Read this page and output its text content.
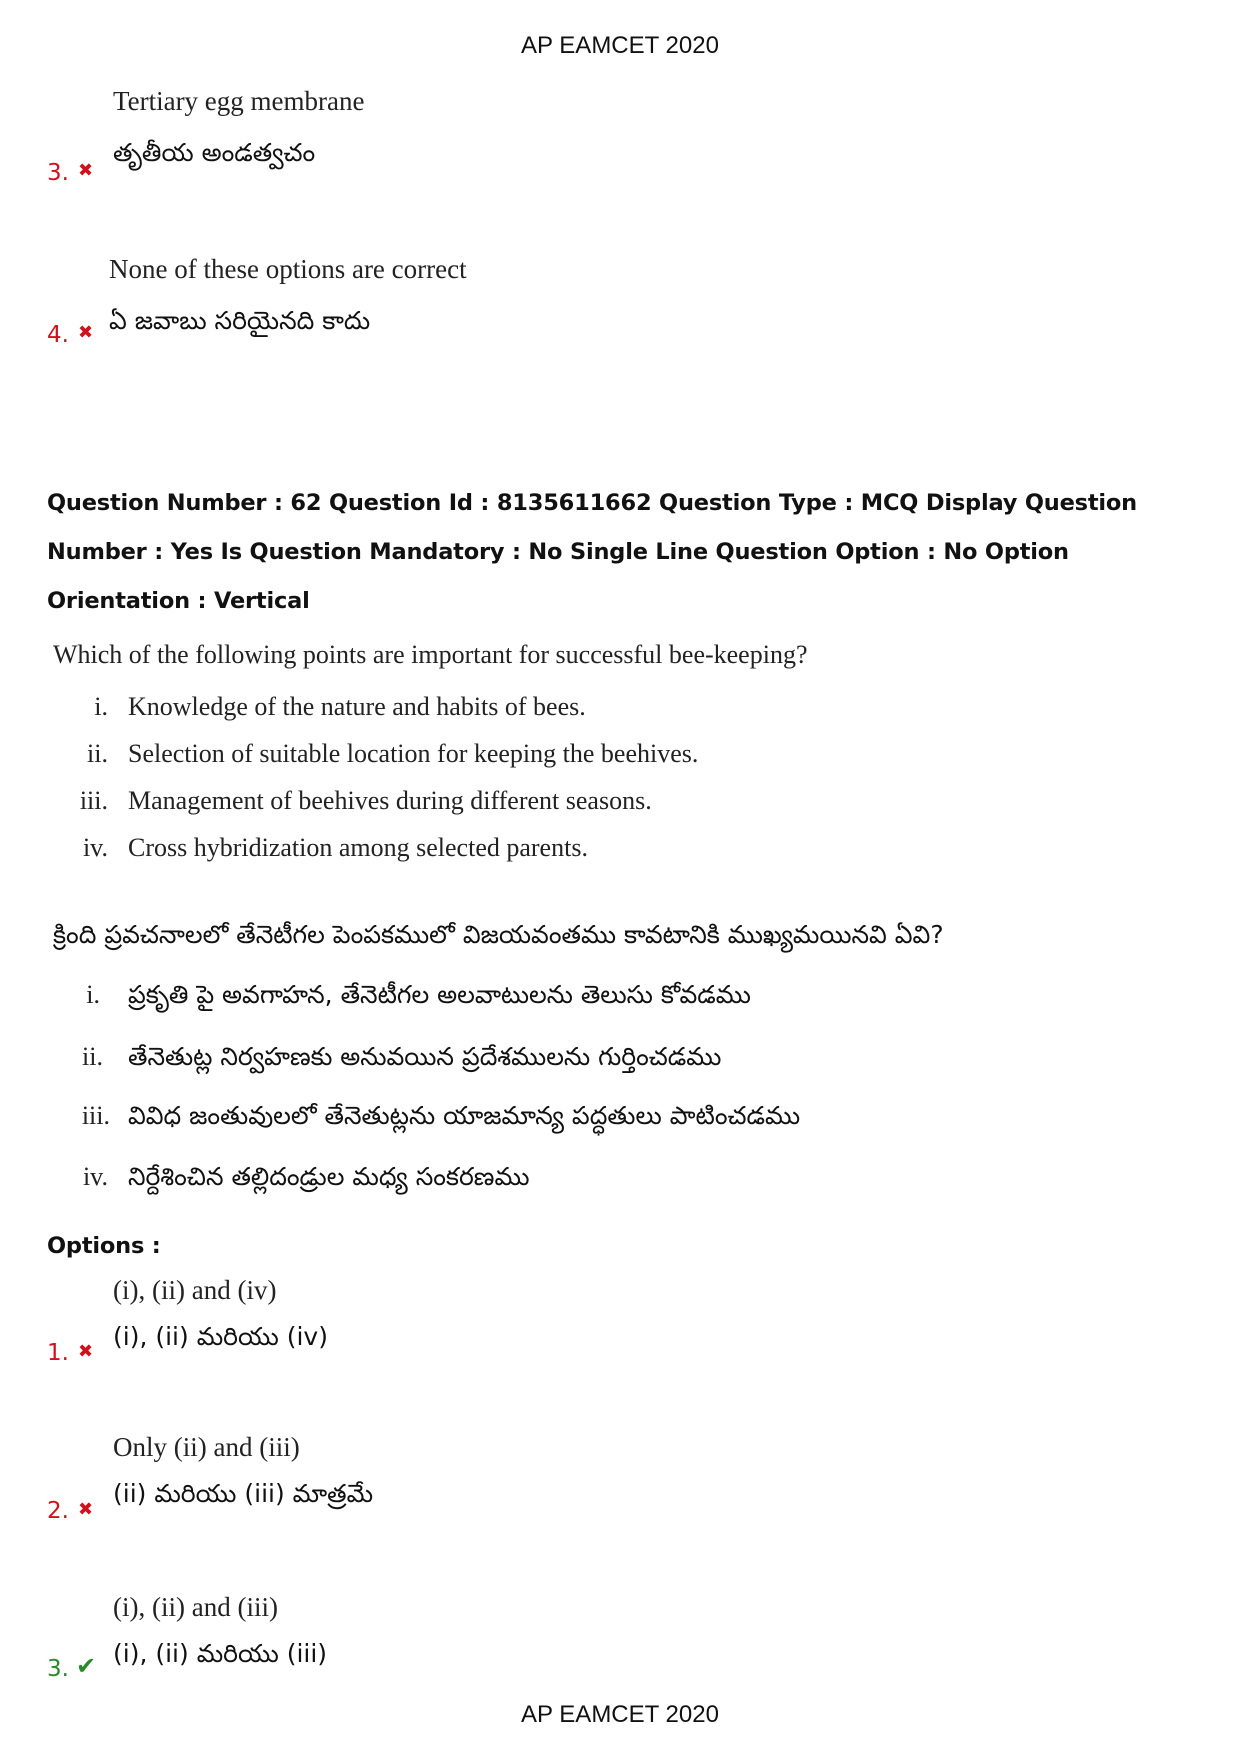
AP EAMCET 2020
Tertiary egg membrane
తృతీయ అండత్వచం
3. ✖
None of these options are correct
ఏ జవాబు సరియైనది కాదు
4. ✖
Question Number : 62 Question Id : 8135611662 Question Type : MCQ Display Question
Number : Yes Is Question Mandatory : No Single Line Question Option : No Option
Orientation : Vertical
Which of the following points are important for successful bee-keeping?
i. Knowledge of the nature and habits of bees.
ii. Selection of suitable location for keeping the beehives.
iii. Management of beehives during different seasons.
iv. Cross hybridization among selected parents.
క్రింది ప్రవచనాలలో తేనెటీగల పెంపకములో విజయవంతము కావటానికి ముఖ్యమయినవి ఏవి?
i. ప్రకృతి పై అవగాహన, తేనెటీగల అలవాటులను తెలుసు కోవడము
ii. తేనెతుట్ల నిర్వహణకు అనువయిన ప్రదేశములను గుర్తించడము
iii. వివిధ జంతువులలో తేనెతుట్లను యాజమాన్య పద్ధతులు పాటించడము
iv. నిర్దేశించిన తల్లిదండ్రుల మధ్య సంకరణము
Options :
(i), (ii) and (iv)
(i), (ii) మరియు (iv)
1. ✖
Only (ii) and (iii)
(ii) మరియు (iii) మాత్రమే
2. ✖
(i), (ii) and (iii)
(i), (ii) మరియు (iii)
3. ✔
AP EAMCET 2020
